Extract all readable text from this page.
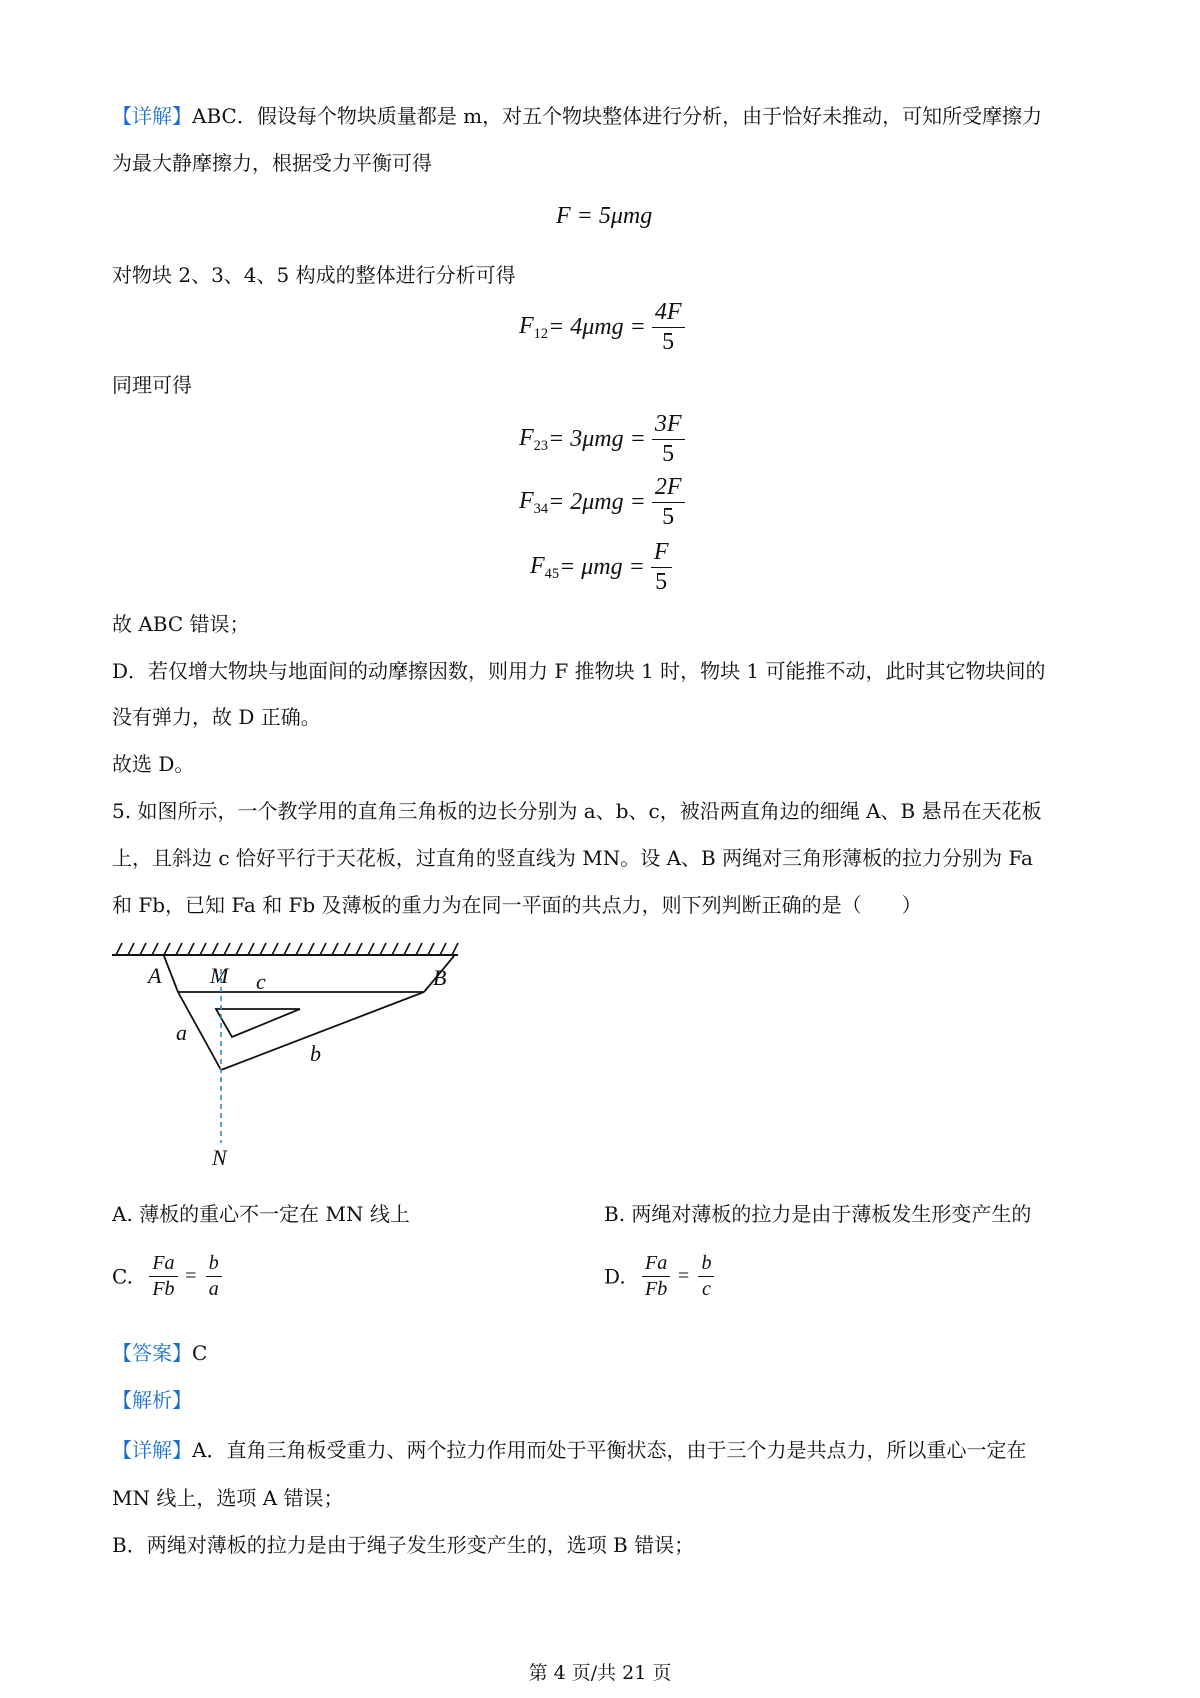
【详解】ABC．假设每个物块质量都是 m，对五个物块整体进行分析，由于恰好未推动，可知所受摩擦力
为最大静摩擦力，根据受力平衡可得
F = 5μmg
对物块 2、3、4、5 构成的整体进行分析可得
$F_{12}= 4\mu mg = \frac{4F}{5}$
同理可得
$F_{23}= 3\mu mg = \frac{3F}{5}$
$F_{34}= 2\mu mg = \frac{2F}{5}$
$F_{45}= \mu mg = \frac{F}{5}$
故 ABC 错误；
D．若仅增大物块与地面间的动摩擦因数，则用力 F 推物块 1 时，物块 1 可能推不动，此时其它物块间的
没有弹力，故 D 正确。
故选 D。
5. 如图所示，一个教学用的直角三角板的边长分别为 a、b、c，被沿两直角边的细绳 A、B 悬吊在天花板
上，且斜边 c 恰好平行于天花板，过直角的竖直线为 MN。设 A、B 两绳对三角形薄板的拉力分别为 Fa
和 Fb，已知 Fa 和 Fb 及薄板的重力为在同一平面的共点力，则下列判断正确的是（　　）
A M c	B
a
b
N
A. 薄板的重心不一定在 MN 线上	B. 两绳对薄板的拉力是由于薄板发生形变产生的
C. $\frac{Fa}{Fb} = \frac{b}{a}$	D. $\frac{Fa}{Fb} = \frac{b}{c}$
【答案】C
【解析】
【详解】A．直角三角板受重力、两个拉力作用而处于平衡状态，由于三个力是共点力，所以重心一定在
MN 线上，选项 A 错误；
B．两绳对薄板的拉力是由于绳子发生形变产生的，选项 B 错误；
第 4 页/共 21 页
